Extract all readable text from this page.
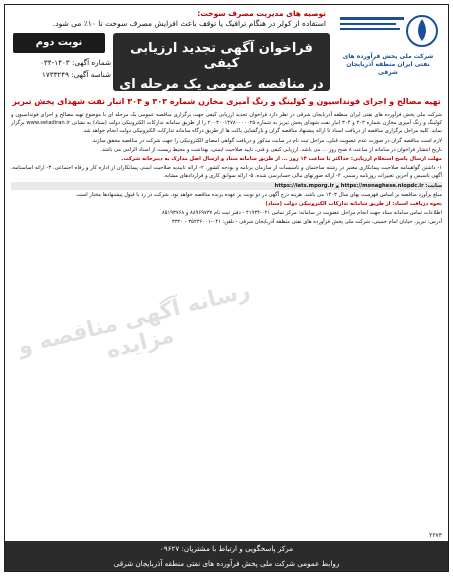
توصیه های مدیریت مصرف سوخت:
استفاده از کولر در هنگام ترافیک یا توقف باعث افزایش مصرف سوخت تا ۱۰٪ می شود.
شرکت ملی پخش فرآورده های نفتی ایران منطقه آذربایجان شرقی
نوبت دوم
شماره آگهی: ۱۴۰۳-۰۳۴
شناسه آگهی: ۱۷۳۳۲۴۹
فراخوان آگهی تجدید ارزیابی کیفی
در مناقصه عمومی یک مرحله ای
تهیه مصالح و اجرای فونداسیون و کولینگ و رنگ آمیزی مخازن شماره ۳۰۳ و ۳۰۴ انبار نفت شهدای پخش تبریز

شرکت ملی پخش فرآورده های نفتی ایران منطقه آذربایجان شرقی در نظر دارد فراخوان تجدید ارزیابی کیفی جهت برگزاری مناقصه عمومی یک مرحله ای با موضوع تهیه مصالح و اجرای فونداسیون و کولینگ و رنگ آمیزی مخازن شماره ۳۰۳ و ۳۰۴ انبار نفت شهدای پخش تبریز به شماره ۲۰۰۳۰۰۱۴۷۸۰۰۰۰۰۲۵ را از طریق سامانه تدارکات الکترونیکی دولت (ستاد) به نشانی www.setadiran.ir برگزار نماید. کلیه مراحل برگزاری مناقصه از دریافت اسناد تا ارائه پیشنهاد مناقصه گران و بازگشایی پاکت ها از طریق درگاه سامانه تدارکات الکترونیکی دولت انجام خواهد شد.

لازم است مناقصه گران در صورت عدم عضویت قبلی، مراحل ثبت نام در سایت مذکور و دریافت گواهی امضای الکترونیکی را جهت شرکت در مناقصه محقق سازند.

تاریخ انتشار فراخوان در سامانه از ساعت ۸ صبح روز ... می باشد. ارزیابی کیفی و فنی، تایید صلاحیت ایمنی، بهداشت و محیط زیست از اسناد الزامی می باشد.

مهلت ارسال پاسخ استعلام ارزیابی: حداکثر تا ساعت ۱۴ روز ... از طریق سامانه ستاد و ارسال اصل مدارک به دبیرخانه شرکت.

۱- داشتن گواهینامه صلاحیت پیمانکاری معتبر در رشته ساختمان و تاسیسات از سازمان برنامه و بودجه کشور. ۲- ارائه تاییدیه صلاحیت ایمنی پیمانکاران از اداره کار و رفاه اجتماعی. ۳- ارائه اساسنامه، آگهی تاسیس و آخرین تغییرات روزنامه رسمی. ۴- ارائه صورتهای مالی حسابرسی شده. ۵- ارائه سوابق کاری و قراردادهای مشابه.

سایت: https://monaghese.niopdc.ir و https://iets.mporg.ir

مبلغ برآورد مناقصه بر اساس فهرست بهای سال ۱۴۰۳ می باشد. هزینه درج آگهی در دو نوبت بر عهده برنده مناقصه خواهد بود. شرکت در رد یا قبول پیشنهادها مختار است.

نحوه دریافت اسناد: از طریق سامانه تدارکات الکترونیکی دولت (ستاد)

اطلاعات تماس سامانه ستاد جهت انجام مراحل عضویت در سامانه: مرکز تماس ۰۲۱-۴۱۹۳۴ - دفتر ثبت نام ۸۸۹۶۹۷۳۷ و ۸۵۱۹۳۷۶۸

آدرس: تبریز، خیابان امام خمینی، شرکت ملی پخش فرآورده های نفتی منطقه آذربایجان شرقی - تلفن: ۰۴۱-۳۵۲۳۶۰۰۱ - ۳۳۲۰

رسانه آگهی مناقصه و مزایده
۲۲۷۳
مرکز پاسخگویی و ارتباط با مشتریان: ۰۹۶۲۷
روابط عمومی شرکت ملی پخش فرآورده های نفتی منطقه آذربایجان شرقی
